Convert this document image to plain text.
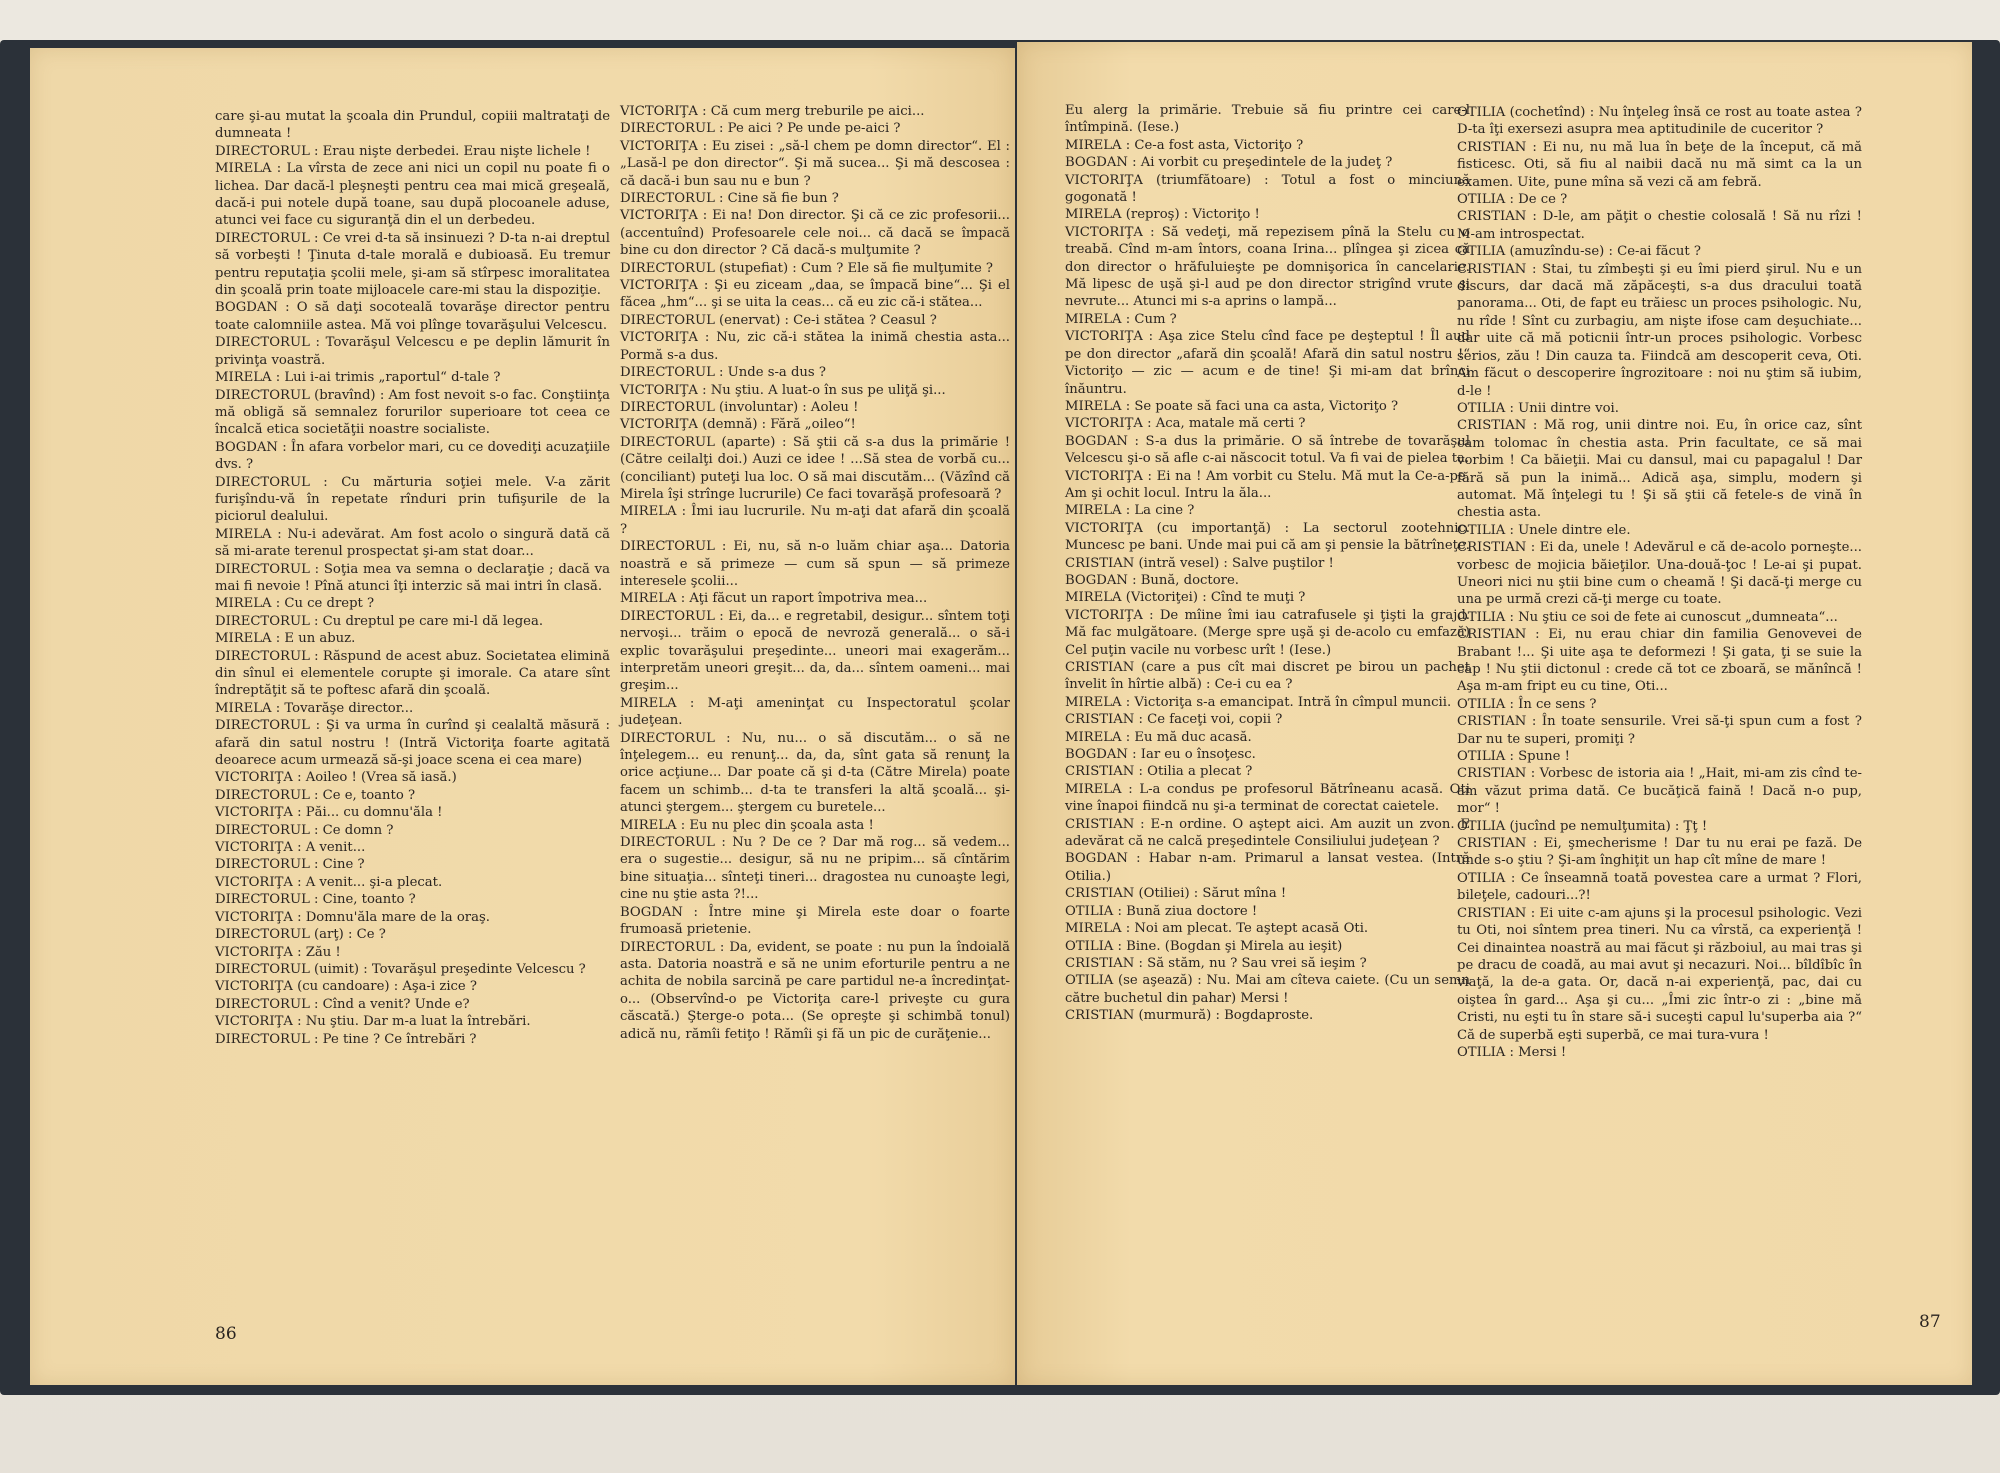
care şi-au mutat la şcoala din Prundul, copiii maltrataţi de dumneata !

DIRECTORUL : Erau nişte derbedei. Erau nişte lichele !

MIRELA : La vîrsta de zece ani nici un copil nu poate fi o lichea. Dar dacă-l pleşneşti pentru cea mai mică greşeală, dacă-i pui notele după toane, sau după plocoanele aduse, atunci vei face cu siguranţă din el un derbedeu.

DIRECTORUL : Ce vrei d-ta să insinuezi ? D-ta n-ai dreptul să vorbeşti ! Ţinuta d-tale morală e dubioasă. Eu tremur pentru reputaţia şcolii mele, şi-am să stîrpesc imoralitatea din şcoală prin toate mijloacele care-mi stau la dispoziţie.

BOGDAN : O să daţi socoteală tovarăşe director pentru toate calomniile astea. Mă voi plînge tovarăşului Velcescu.

DIRECTORUL : Tovarăşul Velcescu e pe deplin lămurit în privinţa voastră.

MIRELA : Lui i-ai trimis „raportul“ d-tale ?

DIRECTORUL (bravînd) : Am fost nevoit s-o fac. Conştiinţa mă obligă să semnalez forurilor superioare tot ceea ce încalcă etica societăţii noastre socialiste.

BOGDAN : În afara vorbelor mari, cu ce dovediţi acuzaţiile dvs. ?

DIRECTORUL : Cu mărturia soţiei mele. V-a zărit furişîndu-vă în repetate rînduri prin tufişurile de la piciorul dealului.

MIRELA : Nu-i adevărat. Am fost acolo o singură dată că să mi-arate terenul prospectat şi-am stat doar...

DIRECTORUL : Soţia mea va semna o declaraţie ; dacă va mai fi nevoie ! Pînă atunci îţi interzic să mai intri în clasă.

MIRELA : Cu ce drept ?

DIRECTORUL : Cu dreptul pe care mi-l dă legea.

MIRELA : E un abuz.

DIRECTORUL : Răspund de acest abuz. Societatea elimină din sînul ei elementele corupte şi imorale. Ca atare sînt îndreptăţit să te poftesc afară din şcoală.

MIRELA : Tovarăşe director...

DIRECTORUL : Şi va urma în curînd şi cealaltă măsură : afară din satul nostru ! (Intră Victoriţa foarte agitată deoarece acum urmează să-şi joace scena ei cea mare)

VICTORIŢA : Aoileo ! (Vrea să iasă.)

DIRECTORUL : Ce e, toanto ?

VICTORIŢA : Păi... cu domnu'ăla !

DIRECTORUL : Ce domn ?

VICTORIŢA : A venit...

DIRECTORUL : Cine ?

VICTORIŢA : A venit... şi-a plecat.

DIRECTORUL : Cine, toanto ?

VICTORIŢA : Domnu'ăla mare de la oraş.

DIRECTORUL (arţ) : Ce ?

VICTORIŢA : Zău !

DIRECTORUL (uimit) : Tovarăşul preşedinte Velcescu ?

VICTORIŢA (cu candoare) : Aşa-i zice ?

DIRECTORUL : Cînd a venit? Unde e?

VICTORIŢA : Nu ştiu. Dar m-a luat la întrebări.

DIRECTORUL : Pe tine ? Ce întrebări ?

VICTORIŢA : Că cum merg treburile pe aici...

DIRECTORUL : Pe aici ? Pe unde pe-aici ?

VICTORIŢA : Eu zisei : „să-l chem pe domn director“. El : „Lasă-l pe don director“. Şi mă sucea... Şi mă descosea : că dacă-i bun sau nu e bun ?

DIRECTORUL : Cine să fie bun ?

VICTORIŢA : Ei na! Don director. Şi că ce zic profesorii... (accentuînd) Profesoarele cele noi... că dacă se împacă bine cu don director ? Că dacă-s mulţumite ?

DIRECTORUL (stupefiat) : Cum ? Ele să fie mulţumite ?

VICTORIŢA : Şi eu ziceam „daa, se împacă bine“... Şi el făcea „hm“... şi se uita la ceas... că eu zic că-i stătea...

DIRECTORUL (enervat) : Ce-i stătea ? Ceasul ?

VICTORIŢA : Nu, zic că-i stătea la inimă chestia asta... Pormă s-a dus.

DIRECTORUL : Unde s-a dus ?

VICTORIŢA : Nu ştiu. A luat-o în sus pe uliţă şi...

DIRECTORUL (involuntar) : Aoleu !

VICTORIŢA (demnă) : Fără „oileo“!

DIRECTORUL (aparte) : Să ştii că s-a dus la primărie ! (Către ceilalţi doi.) Auzi ce idee ! ...Să stea de vorbă cu... (conciliant) puteţi lua loc. O să mai discutăm... (Văzînd că Mirela îşi strînge lucrurile) Ce faci tovarăşă profesoară ?

MIRELA : Îmi iau lucrurile. Nu m-aţi dat afară din şcoală ?

DIRECTORUL : Ei, nu, să n-o luăm chiar aşa... Datoria noastră e să primeze — cum să spun — să primeze interesele şcolii...

MIRELA : Aţi făcut un raport împotriva mea...

DIRECTORUL : Ei, da... e regretabil, desigur... sîntem toţi nervoşi... trăim o epocă de nevroză generală... o să-i explic tovarăşului preşedinte... uneori mai exagerăm... interpretăm uneori greşit... da, da... sîntem oameni... mai greşim...

MIRELA : M-aţi ameninţat cu Inspectoratul şcolar judeţean.

DIRECTORUL : Nu, nu... o să discutăm... o să ne înţelegem... eu renunţ... da, da, sînt gata să renunţ la orice acţiune... Dar poate că şi d-ta (Către Mirela) poate facem un schimb... d-ta te transferi la altă şcoală... şi-atunci ştergem... ştergem cu buretele...

MIRELA : Eu nu plec din şcoala asta !

DIRECTORUL : Nu ? De ce ? Dar mă rog... să vedem... era o sugestie... desigur, să nu ne pripim... să cîntărim bine situaţia... sînteţi tineri... dragostea nu cunoaşte legi, cine nu ştie asta ?!...

BOGDAN : Între mine şi Mirela este doar o foarte frumoasă prietenie.

DIRECTORUL : Da, evident, se poate : nu pun la îndoială asta. Datoria noastră e să ne unim eforturile pentru a ne achita de nobila sarcină pe care partidul ne-a încredinţat-o... (Observînd-o pe Victoriţa care-l priveşte cu gura căscată.) Şterge-o pota... (Se opreşte şi schimbă tonul) adică nu, rămîi fetiţo ! Rămîi şi fă un pic de curăţenie...

86

Eu alerg la primărie. Trebuie să fiu printre cei care-l întîmpină. (Iese.)

MIRELA : Ce-a fost asta, Victoriţo ?

BOGDAN : Ai vorbit cu preşedintele de la judeţ ?

VICTORIŢA (triumfătoare) : Totul a fost o minciună gogonată !

MIRELA (reproş) : Victoriţo !

VICTORIŢA : Să vedeţi, mă repezisem pînă la Stelu cu o treabă. Cînd m-am întors, coana Irina... plîngea şi zicea că don director o hrăfuluieşte pe domnişorica în cancelarie. Mă lipesc de uşă şi-l aud pe don director strigînd vrute şi nevrute... Atunci mi s-a aprins o lampă...

MIRELA : Cum ?

VICTORIŢA : Aşa zice Stelu cînd face pe deşteptul ! Îl aud pe don director „afară din şcoală! Afară din satul nostru !“ Victoriţo — zic — acum e de tine! Şi mi-am dat brînci înăuntru.

MIRELA : Se poate să faci una ca asta, Victoriţo ?

VICTORIŢA : Aca, matale mă certi ?

BOGDAN : S-a dus la primărie. O să întrebe de tovarăşul Velcescu şi-o să afle c-ai născocit totul. Va fi vai de pielea ta.

VICTORIŢA : Ei na ! Am vorbit cu Stelu. Mă mut la Ce-a-pe. Am şi ochit locul. Intru la ăla...

MIRELA : La cine ?

VICTORIŢA (cu importanţă) : La sectorul zootehnic. Muncesc pe bani. Unde mai pui că am şi pensie la bătrîneţe.

CRISTIAN (intră vesel) : Salve puştilor !

BOGDAN : Bună, doctore.

MIRELA (Victoriţei) : Cînd te muţi ?

VICTORIŢA : De mîine îmi iau catrafusele şi ţişti la grajd. Mă fac mulgătoare. (Merge spre uşă şi de-acolo cu emfază) Cel puţin vacile nu vorbesc urît ! (Iese.)

CRISTIAN (care a pus cît mai discret pe birou un pachet învelit în hîrtie albă) : Ce-i cu ea ?

MIRELA : Victoriţa s-a emancipat. Intră în cîmpul muncii.

CRISTIAN : Ce faceţi voi, copii ?

MIRELA : Eu mă duc acasă.

BOGDAN : Iar eu o însoţesc.

CRISTIAN : Otilia a plecat ?

MIRELA : L-a condus pe profesorul Bătrîneanu acasă. Oti vine înapoi fiindcă nu şi-a terminat de corectat caietele.

CRISTIAN : E-n ordine. O aştept aici. Am auzit un zvon. E adevărat că ne calcă preşedintele Consiliului judeţean ?

BOGDAN : Habar n-am. Primarul a lansat vestea. (Intră Otilia.)

CRISTIAN (Otiliei) : Sărut mîna !

OTILIA : Bună ziua doctore !

MIRELA : Noi am plecat. Te aştept acasă Oti.

OTILIA : Bine. (Bogdan şi Mirela au ieşit)

CRISTIAN : Să stăm, nu ? Sau vrei să ieşim ?

OTILIA (se aşează) : Nu. Mai am cîteva caiete. (Cu un semn către buchetul din pahar) Mersi !

CRISTIAN (murmură) : Bogdaproste.

OTILIA (cochetînd) : Nu înţeleg însă ce rost au toate astea ? D-ta îţi exersezi asupra mea aptitudinile de cuceritor ?

CRISTIAN : Ei nu, nu mă lua în beţe de la început, că mă fisticesc. Oti, să fiu al naibii dacă nu mă simt ca la un examen. Uite, pune mîna să vezi că am febră.

OTILIA : De ce ?

CRISTIAN : D-le, am păţit o chestie colosală ! Să nu rîzi ! M-am introspectat.

OTILIA (amuzîndu-se) : Ce-ai făcut ?

CRISTIAN : Stai, tu zîmbeşti şi eu îmi pierd şirul. Nu e un discurs, dar dacă mă zăpăceşti, s-a dus dracului toată panorama... Oti, de fapt eu trăiesc un proces psihologic. Nu, nu rîde ! Sînt cu zurbagiu, am nişte ifose cam deşuchiate... dar uite că mă poticnii într-un proces psihologic. Vorbesc serios, zău ! Din cauza ta. Fiindcă am descoperit ceva, Oti. Am făcut o descoperire îngrozitoare : noi nu ştim să iubim, d-le !

OTILIA : Unii dintre voi.

CRISTIAN : Mă rog, unii dintre noi. Eu, în orice caz, sînt cam tolomac în chestia asta. Prin facultate, ce să mai vorbim ! Ca băieţii. Mai cu dansul, mai cu papagalul ! Dar fără să pun la inimă... Adică aşa, simplu, modern şi automat. Mă înţelegi tu ! Şi să ştii că fetele-s de vină în chestia asta.

OTILIA : Unele dintre ele.

CRISTIAN : Ei da, unele ! Adevărul e că de-acolo porneşte... vorbesc de mojicia băieţilor. Una-două-ţoc ! Le-ai şi pupat. Uneori nici nu ştii bine cum o cheamă ! Şi dacă-ţi merge cu una pe urmă crezi că-ţi merge cu toate.

OTILIA : Nu ştiu ce soi de fete ai cunoscut „dumneata“...

CRISTIAN : Ei, nu erau chiar din familia Genovevei de Brabant !... Şi uite aşa te deformezi ! Şi gata, ţi se suie la cap ! Nu ştii dictonul : crede că tot ce zboară, se mănîncă ! Aşa m-am fript eu cu tine, Oti...

OTILIA : În ce sens ?

CRISTIAN : În toate sensurile. Vrei să-ţi spun cum a fost ? Dar nu te superi, promiţi ?

OTILIA : Spune !

CRISTIAN : Vorbesc de istoria aia ! „Hait, mi-am zis cînd te-am văzut prima dată. Ce bucăţică faină ! Dacă n-o pup, mor“ !

OTILIA (jucînd pe nemulţumita) : Ţţ !

CRISTIAN : Ei, şmecherisme ! Dar tu nu erai pe fază. De unde s-o ştiu ? Şi-am înghiţit un hap cît mîne de mare !

OTILIA : Ce înseamnă toată povestea care a urmat ? Flori, bileţele, cadouri...?!

CRISTIAN : Ei uite c-am ajuns şi la procesul psihologic. Vezi tu Oti, noi sîntem prea tineri. Nu ca vîrstă, ca experienţă ! Cei dinaintea noastră au mai făcut şi războiul, au mai tras şi pe dracu de coadă, au mai avut şi necazuri. Noi... bîldîbîc în viaţă, la de-a gata. Or, dacă n-ai experienţă, pac, dai cu oiştea în gard... Aşa şi cu... „Îmi zic într-o zi : „bine mă Cristi, nu eşti tu în stare să-i suceşti capul lu'superba aia ?“ Că de superbă eşti superbă, ce mai tura-vura !

OTILIA : Mersi !

87
